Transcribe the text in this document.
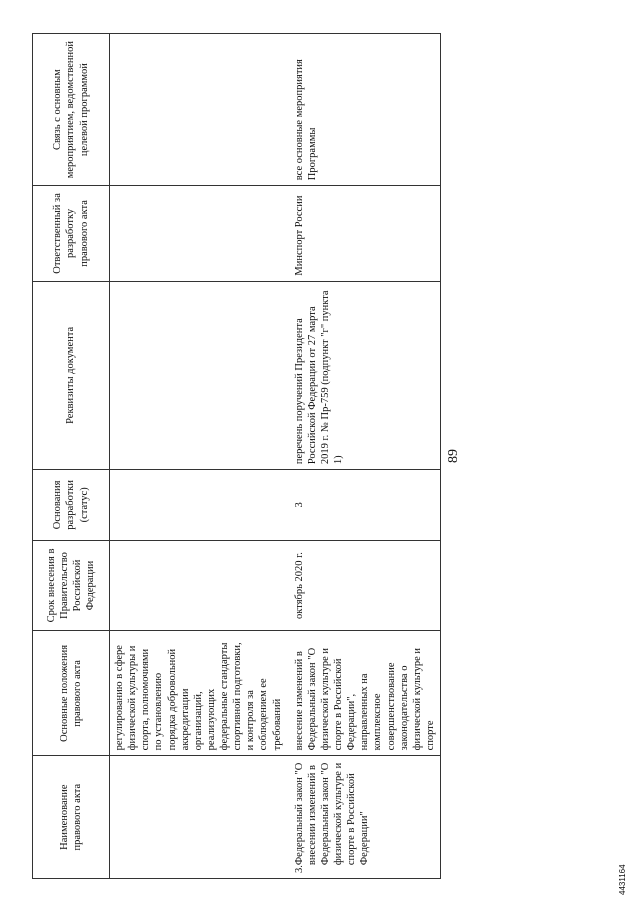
89
Наименование правового акта	Основные положения правового акта	Срок внесения в Правительство Российской Федерации	Основания разработки (статус)	Реквизиты документа	Ответственный за разработку правового акта	Связь с основным мероприятием, ведомственной целевой программой
	регулированию в сфере физической культуры и спорта, полномочиями по установлению порядка добровольной аккредитации организаций, реализующих федеральные стандарты спортивной подготовки, и контроля за соблюдением ее требований					

3.
Федеральный закон "О внесении изменений в Федеральный закон "О физической культуре и спорте в Российской Федерации"	внесение изменений в Федеральный закон "О физической культуре и спорте в Российской Федерации", направленных на комплексное совершенствование законодательства о физической культуре и спорте	октябрь 2020 г.	3	перечень поручений Президента Российской Федерации от 27 марта 2019 г. № Пр-759 (подпункт "г" пункта 1)	Минспорт России	все основные мероприятия Программы
4431164
